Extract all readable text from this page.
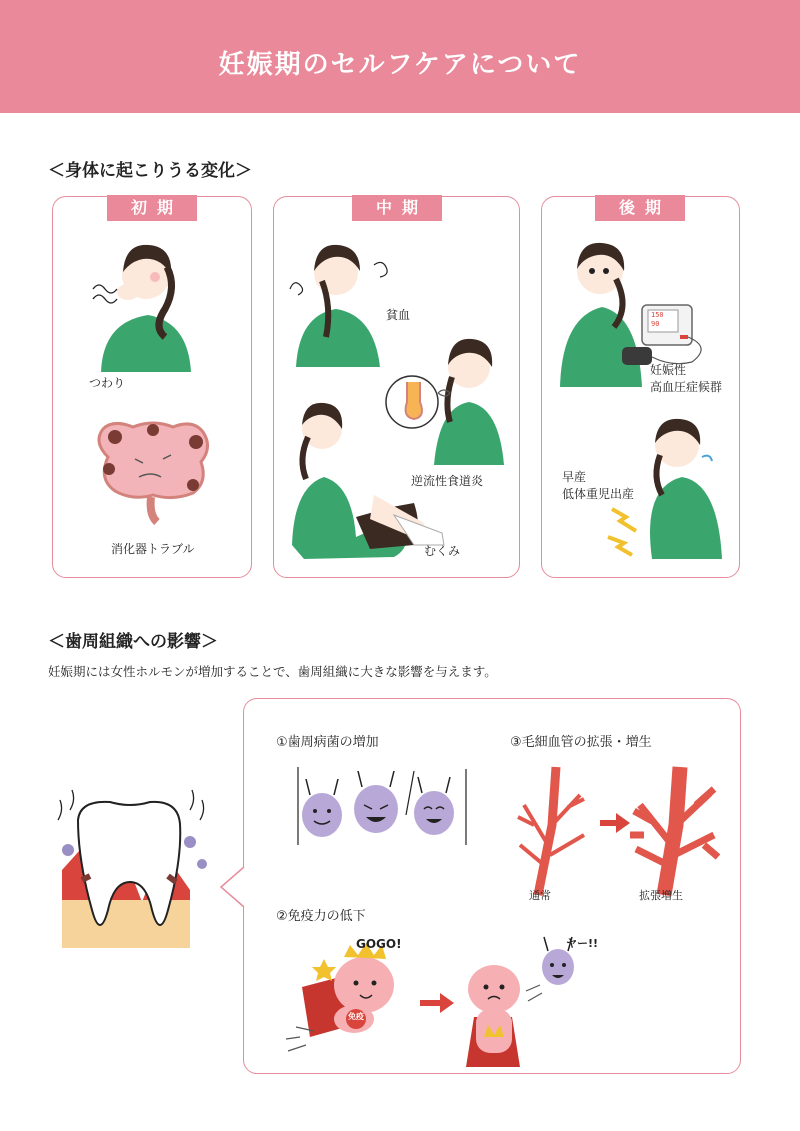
妊娠期のセルフケアについて
＜身体に起こりうる変化＞
初期
つわり
消化器トラブル
中期
貧血
逆流性食道炎
むくみ
後期
150
90
妊娠性
高血圧症候群
早産
低体重児出産
＜歯周組織への影響＞
妊娠期には女性ホルモンが増加することで、歯周組織に大きな影響を与えます。
①歯周病菌の増加	③毛細血管の拡張・増生
通常	拡張増生
②免疫力の低下
GOGO!
免疫
ヤー!!
